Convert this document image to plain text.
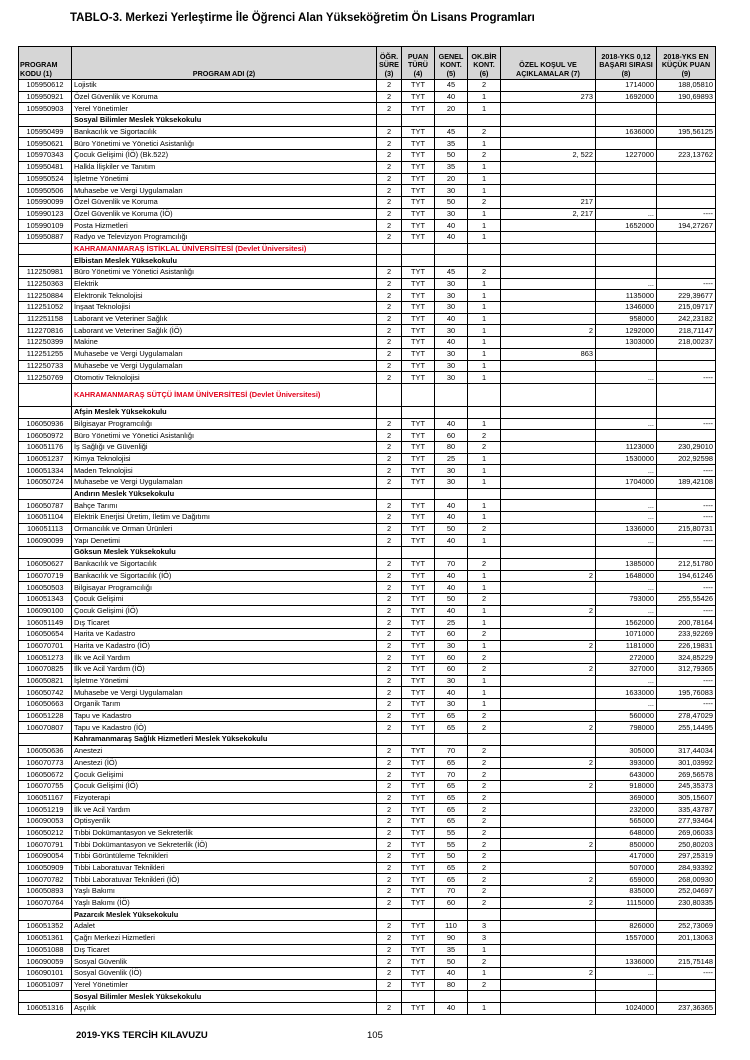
TABLO-3. Merkezi Yerleştirme İle Öğrenci Alan Yükseköğretim Ön Lisans Programları
PROGRAM KODU (1)	PROGRAM ADI (2)	ÖĞR. SÜRE (3)	PUAN TÜRÜ (4)	GENEL KONT. (5)	OK.BİR KONT. (6)	ÖZEL KOŞUL VE AÇIKLAMALAR (7)	2018-YKS 0,12 BAŞARI SIRASI (8)	2018-YKS EN KÜÇÜK PUAN (9)
105950612	Lojistik	2	TYT	45	2		1714000	188,05810
105950921	Özel Güvenlik ve Koruma	2	TYT	40	1	273	1692000	190,69893
105950903	Yerel Yönetimler	2	TYT	20	1			
	Sosyal Bilimler Meslek Yüksekokulu							
105950499	Bankacılık ve Sigortacılık	2	TYT	45	2		1636000	195,56125
105950621	Büro Yönetimi ve Yönetici Asistanlığı	2	TYT	35	1			
105970343	Çocuk Gelişimi (İÖ) (Bk.522)	2	TYT	50	2	2, 522	1227000	223,13762
105950481	Halkla İlişkiler ve Tanıtım	2	TYT	35	1			
105950524	İşletme Yönetimi	2	TYT	20	1			
105950506	Muhasebe ve Vergi Uygulamaları	2	TYT	30	1			
105990099	Özel Güvenlik ve Koruma	2	TYT	50	2	217		
105990123	Özel Güvenlik ve Koruma (İÖ)	2	TYT	30	1	2, 217	...	----
105990109	Posta Hizmetleri	2	TYT	40	1		1652000	194,27267
105950887	Radyo ve Televizyon Programcılığı	2	TYT	40	1			
	KAHRAMANMARAŞ İSTİKLAL ÜNİVERSİTESİ (Devlet Üniversitesi)							
	Elbistan Meslek Yüksekokulu							
112250981	Büro Yönetimi ve Yönetici Asistanlığı	2	TYT	45	2			
112250363	Elektrik	2	TYT	30	1		...	----
112250884	Elektronik Teknolojisi	2	TYT	30	1		1135000	229,39677
112251052	İnşaat Teknolojisi	2	TYT	30	1		1346000	215,09717
112251158	Laborant ve Veteriner Sağlık	2	TYT	40	1		958000	242,23182
112270816	Laborant ve Veteriner Sağlık (İÖ)	2	TYT	30	1	2	1292000	218,71147
112250399	Makine	2	TYT	40	1		1303000	218,00237
112251255	Muhasebe ve Vergi Uygulamaları	2	TYT	30	1	863		
112250733	Muhasebe ve Vergi Uygulamaları	2	TYT	30	1			
112250769	Otomotiv Teknolojisi	2	TYT	30	1		...	----
	KAHRAMANMARAŞ SÜTÇÜ İMAM ÜNİVERSİTESİ (Devlet Üniversitesi)							
	Afşin Meslek Yüksekokulu							
106050936	Bilgisayar Programcılığı	2	TYT	40	1		...	----
106050972	Büro Yönetimi ve Yönetici Asistanlığı	2	TYT	60	2			
106051176	İş Sağlığı ve Güvenliği	2	TYT	80	2		1123000	230,29010
106051237	Kimya Teknolojisi	2	TYT	25	1		1530000	202,92598
106051334	Maden Teknolojisi	2	TYT	30	1		...	----
106050724	Muhasebe ve Vergi Uygulamaları	2	TYT	30	1		1704000	189,42108
	Andırın Meslek Yüksekokulu							
106050787	Bahçe Tarımı	2	TYT	40	1		...	----
106051104	Elektrik Enerjisi Üretim, İletim ve Dağıtımı	2	TYT	40	1		...	----
106051113	Ormancılık ve Orman Ürünleri	2	TYT	50	2		1336000	215,80731
106090099	Yapı Denetimi	2	TYT	40	1		...	----
	Göksun Meslek Yüksekokulu							
106050627	Bankacılık ve Sigortacılık	2	TYT	70	2		1385000	212,51780
106070719	Bankacılık ve Sigortacılık (İÖ)	2	TYT	40	1	2	1648000	194,61246
106050503	Bilgisayar Programcılığı	2	TYT	40	1		...	----
106051343	Çocuk Gelişimi	2	TYT	50	2		793000	255,55426
106090100	Çocuk Gelişimi (İÖ)	2	TYT	40	1	2	...	----
106051149	Dış Ticaret	2	TYT	25	1		1562000	200,78164
106050654	Harita ve Kadastro	2	TYT	60	2		1071000	233,92269
106070701	Harita ve Kadastro (İÖ)	2	TYT	30	1	2	1181000	226,19831
106051273	İlk ve Acil Yardım	2	TYT	60	2		272000	324,85229
106070825	İlk ve Acil Yardım (İÖ)	2	TYT	60	2	2	327000	312,79365
106050821	İşletme Yönetimi	2	TYT	30	1		...	----
106050742	Muhasebe ve Vergi Uygulamaları	2	TYT	40	1		1633000	195,76083
106050663	Organik Tarım	2	TYT	30	1		...	----
106051228	Tapu ve Kadastro	2	TYT	65	2		560000	278,47029
106070807	Tapu ve Kadastro (İÖ)	2	TYT	65	2	2	798000	255,14495
	Kahramanmaraş Sağlık Hizmetleri Meslek Yüksekokulu							
106050636	Anestezi	2	TYT	70	2		305000	317,44034
106070773	Anestezi (İÖ)	2	TYT	65	2	2	393000	301,03992
106050672	Çocuk Gelişimi	2	TYT	70	2		643000	269,56578
106070755	Çocuk Gelişimi (İÖ)	2	TYT	65	2	2	918000	245,35373
106051167	Fizyoterapi	2	TYT	65	2		369000	305,15607
106051219	İlk ve Acil Yardım	2	TYT	65	2		232000	335,43787
106090053	Optisyenlik	2	TYT	65	2		565000	277,93464
106050212	Tıbbi Dokümantasyon ve Sekreterlik	2	TYT	55	2		648000	269,06033
106070791	Tıbbi Dokümantasyon ve Sekreterlik (İÖ)	2	TYT	55	2	2	850000	250,80203
106090054	Tıbbi Görüntüleme Teknikleri	2	TYT	50	2		417000	297,25319
106050909	Tıbbi Laboratuvar Teknikleri	2	TYT	65	2		507000	284,93392
106070782	Tıbbi Laboratuvar Teknikleri (İÖ)	2	TYT	65	2	2	659000	268,00930
106050893	Yaşlı Bakımı	2	TYT	70	2		835000	252,04697
106070764	Yaşlı Bakımı (İÖ)	2	TYT	60	2	2	1115000	230,80335
	Pazarcık Meslek Yüksekokulu							
106051352	Adalet	2	TYT	110	3		826000	252,73069
106051361	Çağrı Merkezi Hizmetleri	2	TYT	90	3		1557000	201,13063
106051088	Dış Ticaret	2	TYT	35	1			
106090059	Sosyal Güvenlik	2	TYT	50	2		1336000	215,75148
106090101	Sosyal Güvenlik (İÖ)	2	TYT	40	1	2	...	----
106051097	Yerel Yönetimler	2	TYT	80	2			
	Sosyal Bilimler Meslek Yüksekokulu							
106051316	Aşçılık	2	TYT	40	1		1024000	237,36365
2019-YKS TERCİH KILAVUZU	105
